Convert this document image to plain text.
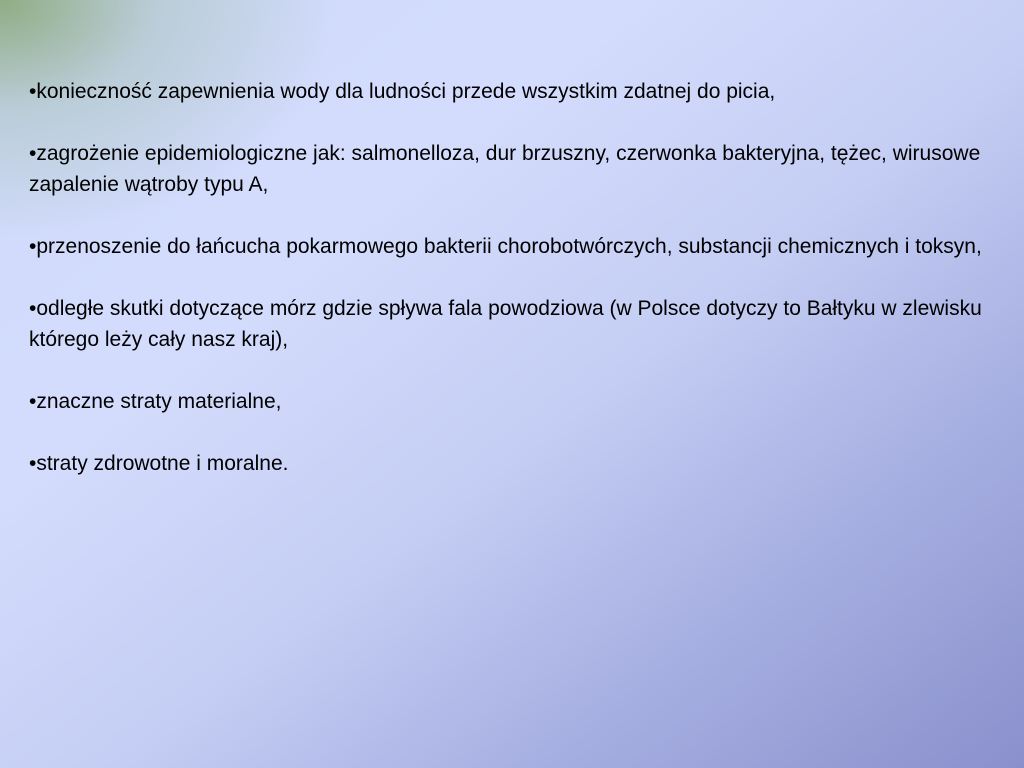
•konieczność zapewnienia wody dla ludności przede wszystkim zdatnej do picia,
•zagrożenie epidemiologiczne jak: salmonelloza, dur brzuszny, czerwonka bakteryjna, tężec, wirusowe zapalenie wątroby typu A,
•przenoszenie do łańcucha pokarmowego bakterii chorobotwórczych, substancji chemicznych i toksyn,
•odległe skutki dotyczące mórz gdzie spływa fala powodziowa (w Polsce dotyczy to Bałtyku w zlewisku którego leży cały nasz kraj),
•znaczne straty materialne,
•straty zdrowotne i moralne.
